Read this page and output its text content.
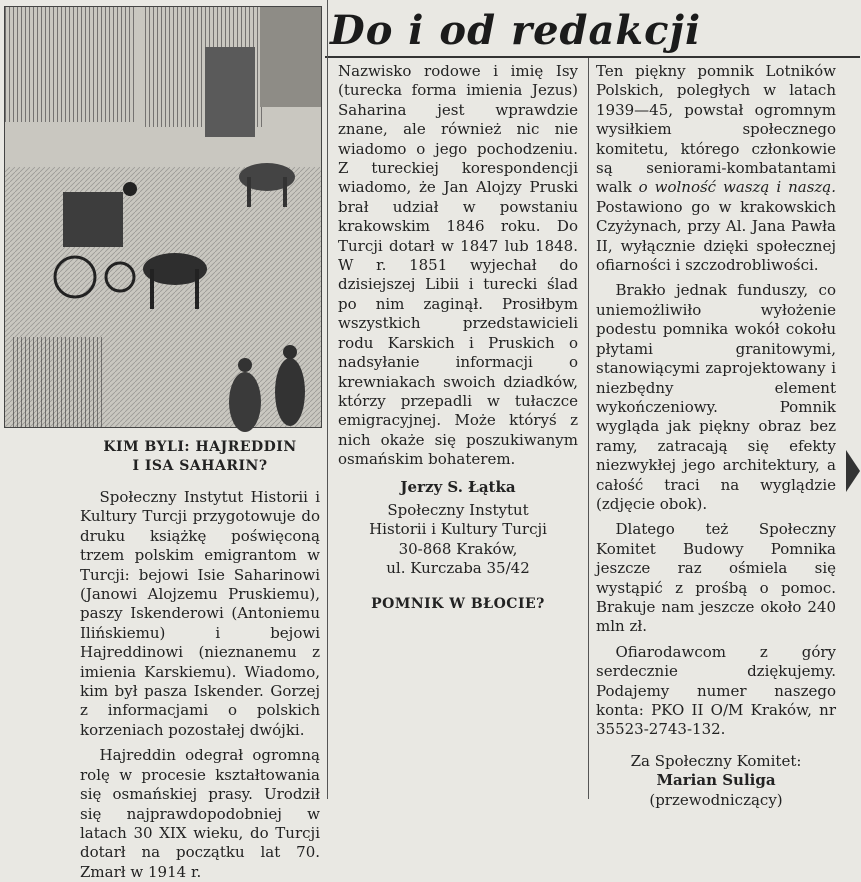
Do i od redakcji
KIM BYLI: HAJREDDIN
I ISA SAHARIN?

Społeczny Instytut Historii i Kultury Turcji przygotowuje do druku książkę poświęconą trzem polskim emigrantom w Turcji: bejowi Isie Saharinowi (Janowi Alojzemu Pruskiemu), paszy Iskenderowi (Antoniemu Ilińskiemu) i bejowi Hajreddinowi (nieznanemu z imienia Karskiemu). Wiadomo, kim był pasza Iskender. Gorzej z informacjami o polskich korzeniach pozostałej dwójki.

Hajreddin odegrał ogromną rolę w procesie kształtowania się osmańskiej prasy. Urodził się najprawdopodobniej w latach 30 XIX wieku, do Turcji dotarł na początku lat 70. Zmarł w 1914 r.

Nazwisko rodowe i imię Isy (turecka forma imienia Jezus) Saharina jest wprawdzie znane, ale również nic nie wiadomo o jego pochodzeniu. Z tureckiej korespondencji wiadomo, że Jan Alojzy Pruski brał udział w powstaniu krakowskim 1846 roku. Do Turcji dotarł w 1847 lub 1848. W r. 1851 wyjechał do dzisiejszej Libii i turecki ślad po nim zaginął. Prosiłbym wszystkich przedstawicieli rodu Karskich i Pruskich o nadsyłanie informacji o krewniakach swoich dziadków, którzy przepadli w tułaczce emigracyjnej. Może któryś z nich okaże się poszukiwanym osmańskim bohaterem.

Jerzy S. Łątka

Społeczny Instytut

Historii i Kultury Turcji

30-868 Kraków,

ul. Kurczaba 35/42

POMNIK W BŁOCIE?

Ten piękny pomnik Lotników Polskich, poległych w latach 1939—45, powstał ogromnym wysiłkiem społecznego komitetu, którego członkowie są seniorami-kombatantami walk o wolność waszą i naszą. Postawiono go w krakowskich Czyżynach, przy Al. Jana Pawła II, wyłącznie dzięki społecznej ofiarności i szczodrobliwości.

Brakło jednak funduszy, co uniemożliwiło wyłożenie podestu pomnika wokół cokołu płytami granitowymi, stanowiącymi zaprojektowany i niezbędny element wykończeniowy. Pomnik wygląda jak piękny obraz bez ramy, zatracają się efekty niezwykłej jego architektury, a całość traci na wyglądzie (zdjęcie obok).

Dlatego też Społeczny Komitet Budowy Pomnika jeszcze raz ośmiela się wystąpić z prośbą o pomoc. Brakuje nam jeszcze około 240 mln zł.

Ofiarodawcom z góry serdecznie dziękujemy. Podajemy numer naszego konta: PKO II O/M Kraków, nr 35523-2743-132.

Za Społeczny Komitet:

Marian Suliga

(przewodniczący)
